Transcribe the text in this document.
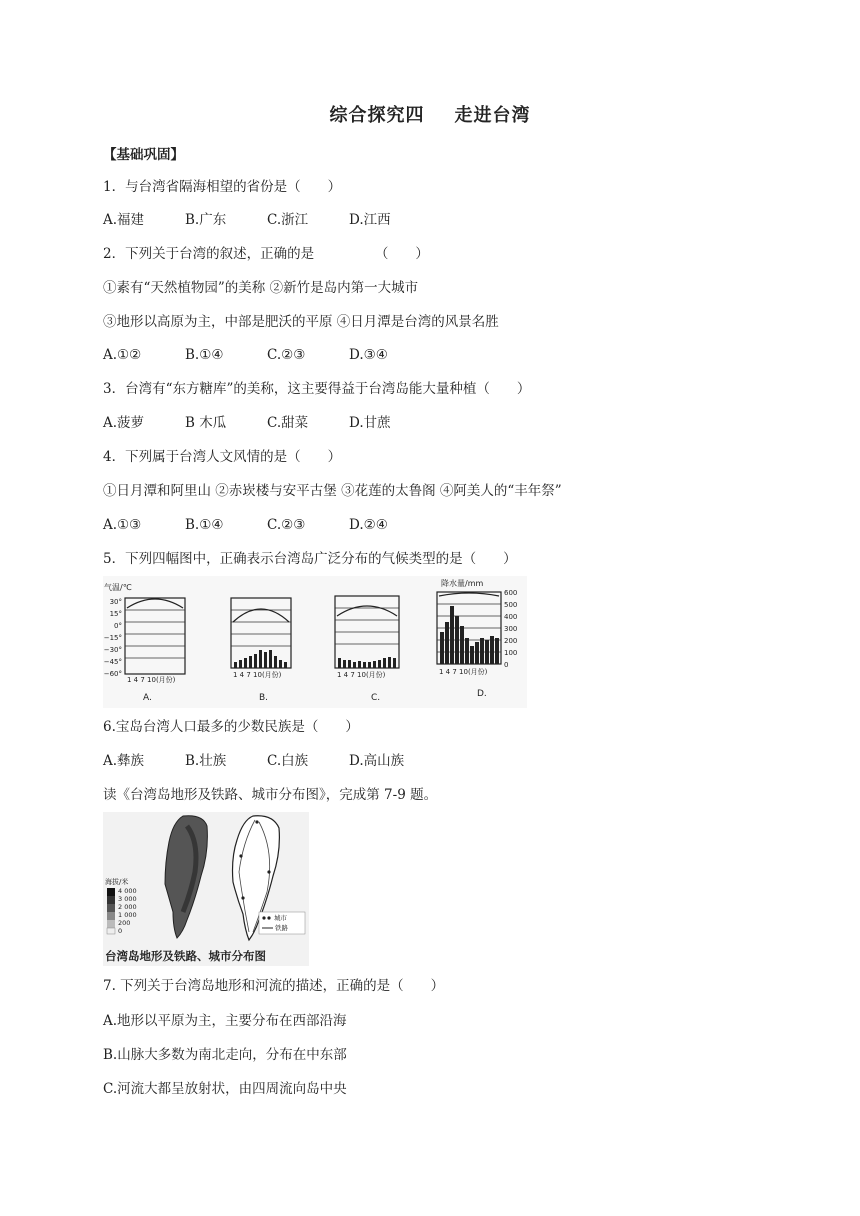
综合探究四 走进台湾
【基础巩固】
1．与台湾省隔海相望的省份是（　　）
A.福建	B.广东	C.浙江	D.江西
2．下列关于台湾的叙述，正确的是　　　　　（　　）
①素有“天然植物园”的美称 ②新竹是岛内第一大城市
③地形以高原为主，中部是肥沃的平原 ④日月潭是台湾的风景名胜
A.①②	B.①④	C.②③	D.③④
3．台湾有“东方糖库”的美称，这主要得益于台湾岛能大量种植（　　）
A.菠萝	B 木瓜	C.甜菜	D.甘蔗
4．下列属于台湾人文风情的是（　　）
①日月潭和阿里山 ②赤崁楼与安平古堡 ③花莲的太鲁阁 ④阿美人的“丰年祭”
A.①③	B.①④	C.②③	D.②④
5．下列四幅图中，正确表示台湾岛广泛分布的气候类型的是（　　）
气温/℃
30°
15°
0°
−15°
−30°
−45°
−60°
1 4 7 10(月份)
A.
1 4 7 10(月份)
B.
1 4 7 10(月份)
C.
降水量/mm
600
500
400
300
200
100
0
1 4 7 10(月份)
D.
6.宝岛台湾人口最多的少数民族是（　　）
A.彝族	B.壮族	C.白族	D.高山族
读《台湾岛地形及铁路、城市分布图》，完成第 7-9 题。
海拔/米
4 000
3 000
2 000
1 000
200
0
城市
铁路
台湾岛地形及铁路、城市分布图
7. 下列关于台湾岛地形和河流的描述，正确的是（　　）
A.地形以平原为主，主要分布在西部沿海
B.山脉大多数为南北走向，分布在中东部
C.河流大都呈放射状，由四周流向岛中央
